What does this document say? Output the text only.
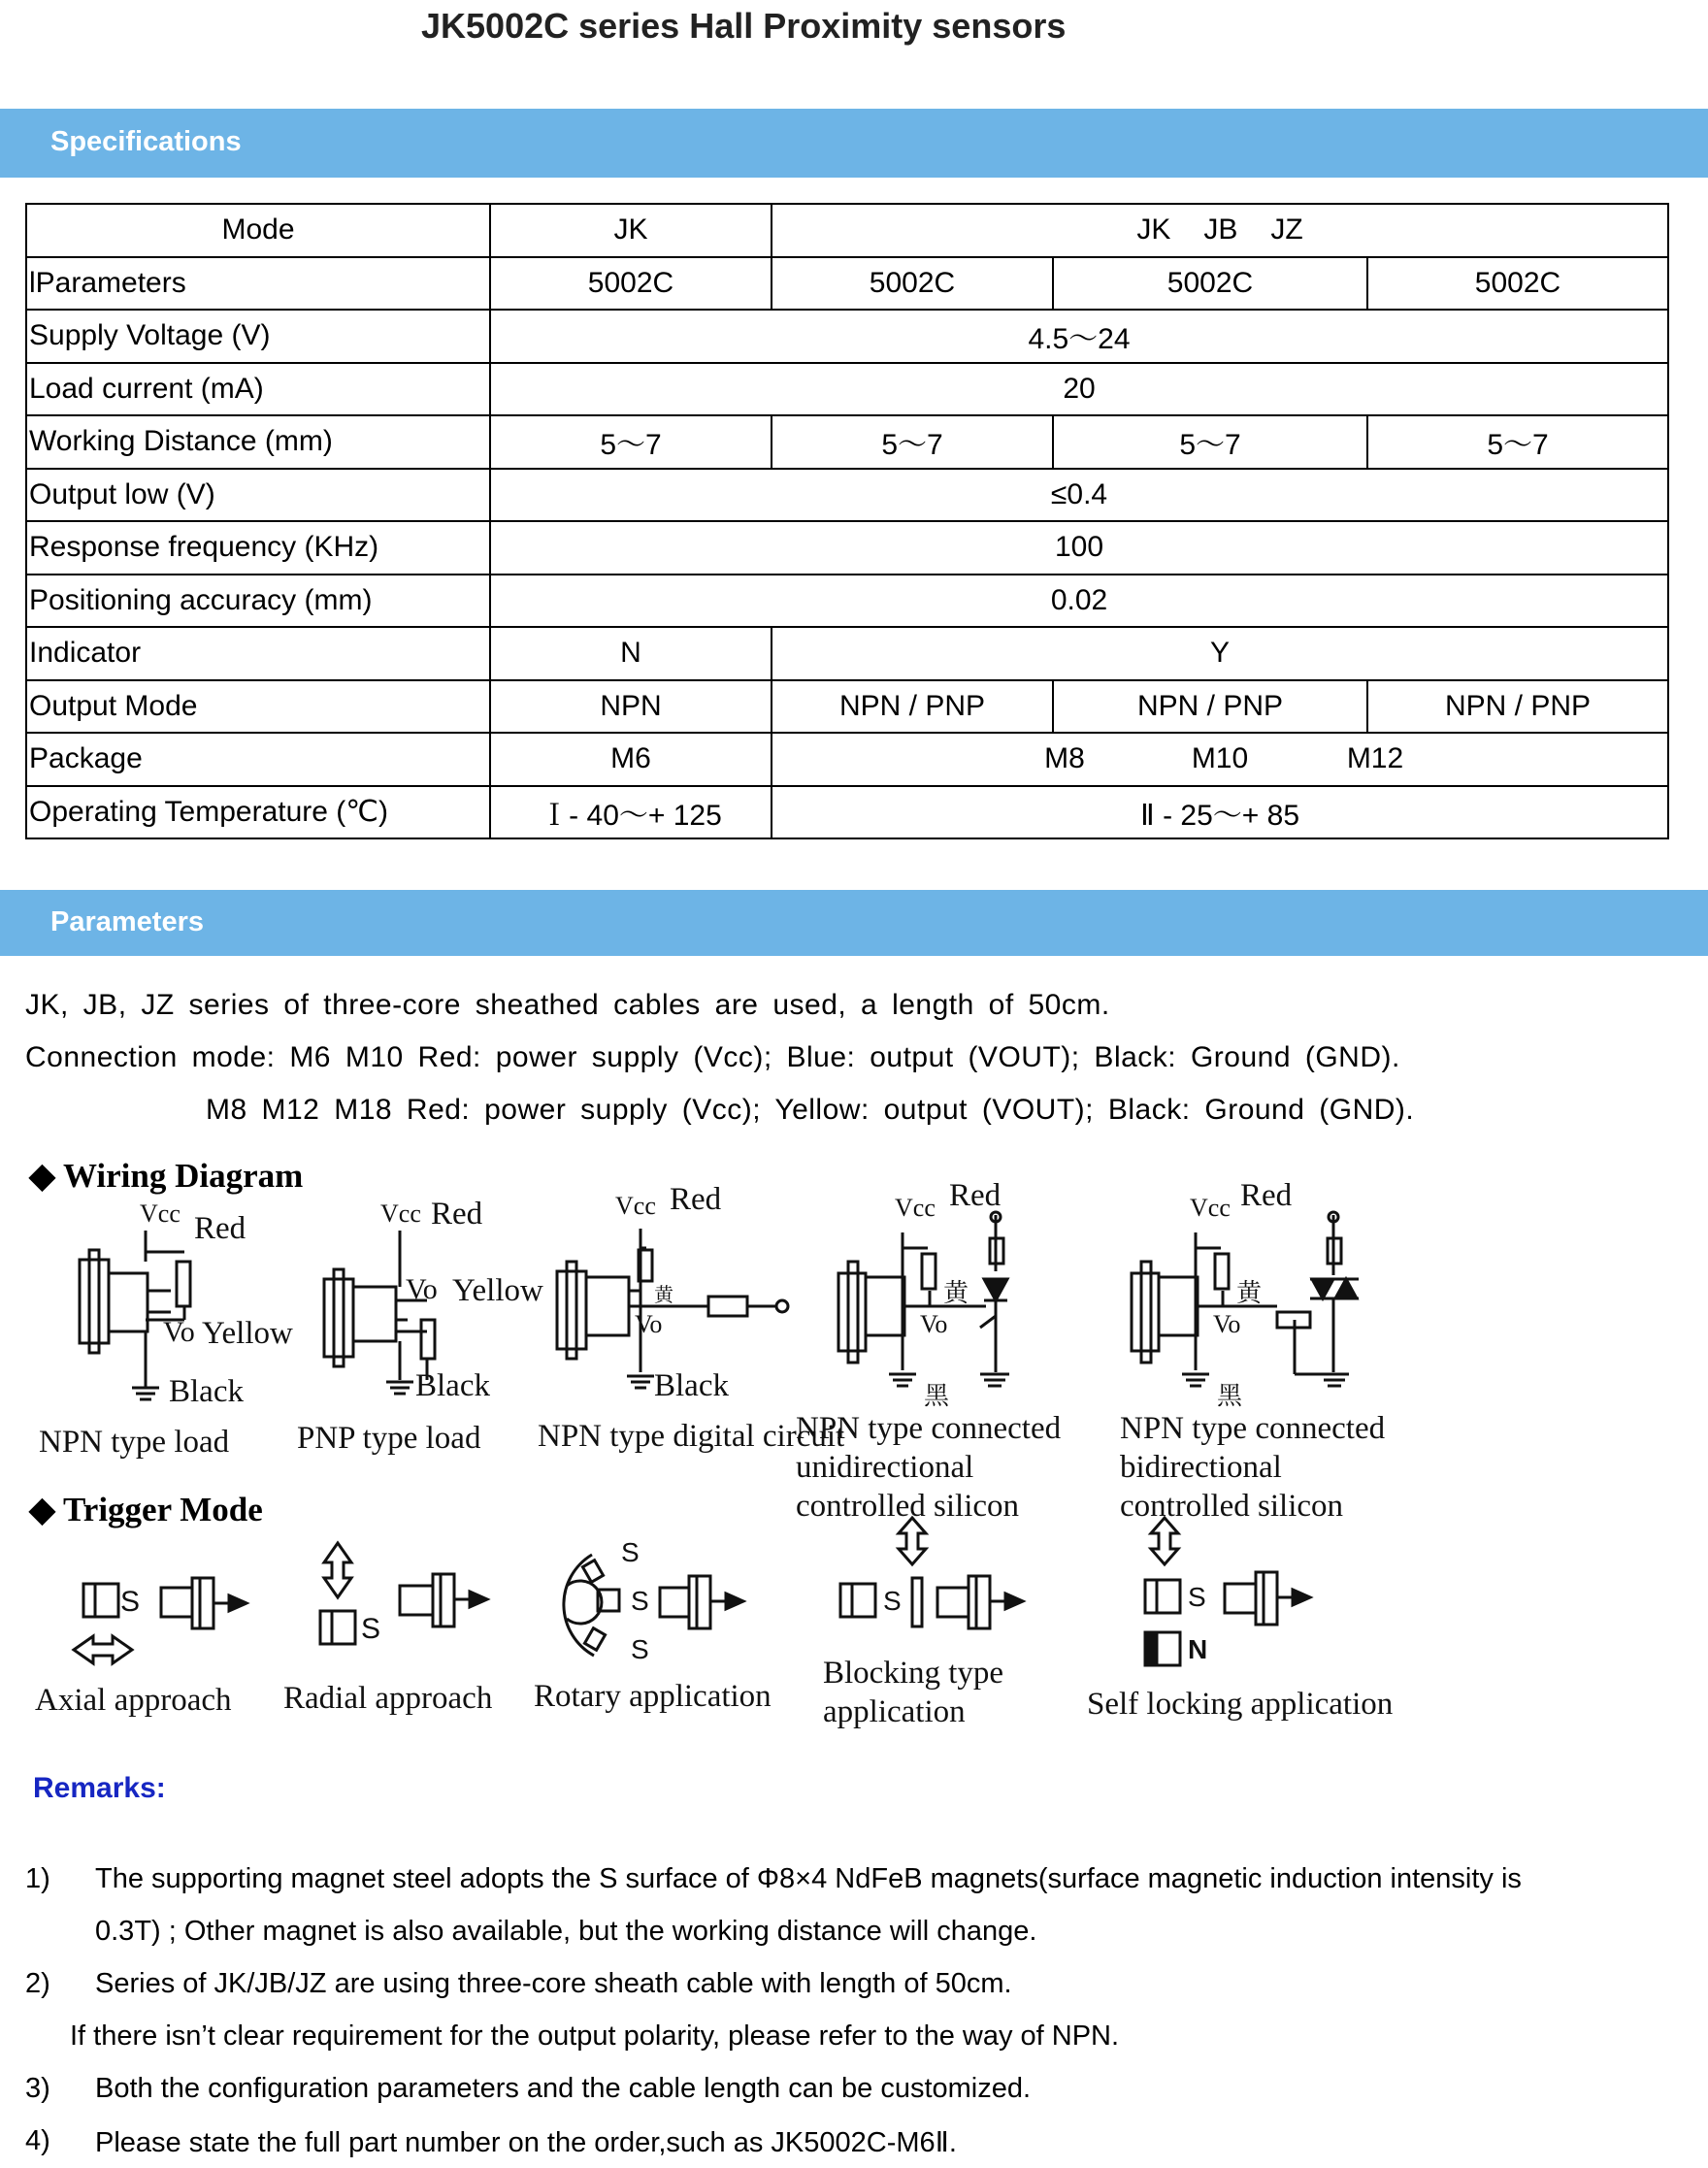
JK5002C series Hall Proximity sensors
Specifications
Mode	JK	JK JB JZ		
lParameters	5002C	5002C	5002C	5002C
Supply Voltage (V)	4.5～24			
Load current (mA)	20			
Working Distance (mm)	5～7	5～7	5～7	5～7
Output low (V)	≤0.4			
Response frequency (KHz)	100			
Positioning accuracy (mm)	0.02			
Indicator	N	Y		
Output Mode	NPN	NPN / PNP	NPN / PNP	NPN / PNP
Package	M6	M8 M10 M12		
Operating Temperature (℃)	Ｉ- 40～+ 125	Ⅱ - 25～+ 85		
Parameters
JK, JB, JZ series of three-core sheathed cables are used, a length of 50cm.
Connection mode: M6 M10 Red: power supply (Vcc); Blue: output (VOUT); Black: Ground (GND).
M8 M12 M18 Red: power supply (Vcc); Yellow: output (VOUT); Black: Ground (GND).
◆ Wiring Diagram
◆ Trigger Mode
Vcc Red
Vo Yellow
Black
NPN type load
Vcc Red
Vo Yellow
Black
PNP type load
Vcc Red
Vo
黄
Black
NPN type digital circuit
Vcc Red
Vo
黄
黑
NPN type connected unidirectional controlled silicon
Vcc Red
Vo
黄
黑
NPN type connected bidirectional controlled silicon
S
Axial approach
S
Radial approach
S
S
S
Rotary application
S
Blocking type application
S
N
Self locking application
Remarks:
1) The supporting magnet steel adopts the S surface of Φ8×4 NdFeB magnets(surface magnetic induction intensity is
0.3T) ; Other magnet is also available, but the working distance will change.
2) Series of JK/JB/JZ are using three-core sheath cable with length of 50cm.
If there isn’t clear requirement for the output polarity, please refer to the way of NPN.
3) Both the configuration parameters and the cable length can be customized.
4) Please state the full part number on the order,such as JK5002C-M6Ⅱ.
